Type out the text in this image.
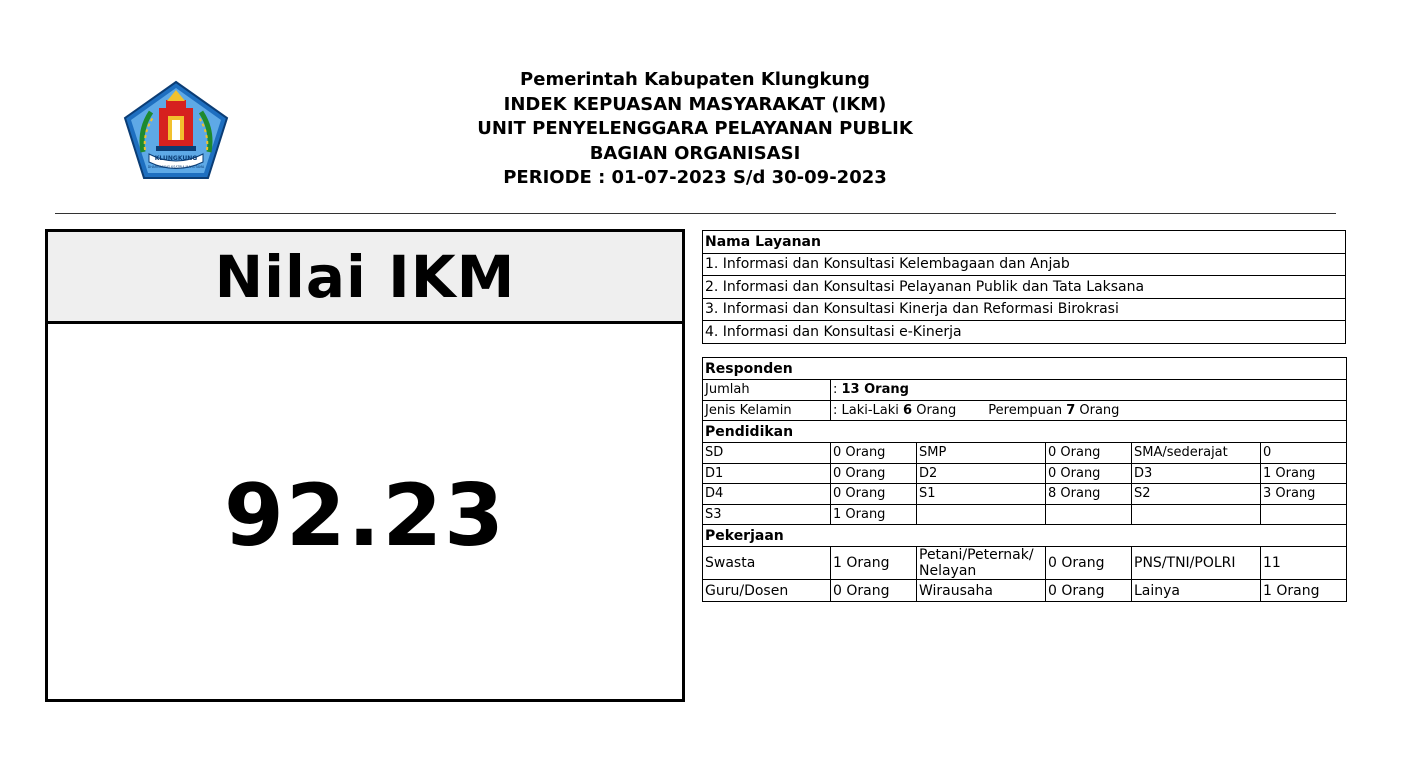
KLUNGKUNG
DHARMANING KSATRIA MAHOTAMA
Pemerintah Kabupaten Klungkung
INDEK KEPUASAN MASYARAKAT (IKM)
UNIT PENYELENGGARA PELAYANAN PUBLIK
BAGIAN ORGANISASI
PERIODE : 01-07-2023 S/d 30-09-2023
Nilai IKM
92.23
Nama Layanan
1. Informasi dan Konsultasi Kelembagaan dan Anjab
2. Informasi dan Konsultasi Pelayanan Publik dan Tata Laksana
3. Informasi dan Konsultasi Kinerja dan Reformasi Birokrasi
4. Informasi dan Konsultasi e-Kinerja
Responden					
Jumlah	: 13 Orang				
Jenis Kelamin	: Laki-Laki 6 Orang Perempuan 7 Orang				
Pendidikan					
SD	0 Orang	SMP	0 Orang	SMA/sederajat	0
D1	0 Orang	D2	0 Orang	D3	1 Orang
D4	0 Orang	S1	8 Orang	S2	3 Orang
S3	1 Orang				
Pekerjaan					
Swasta	1 Orang	Petani/Peternak/ Nelayan	0 Orang	PNS/TNI/POLRI	11
Guru/Dosen	0 Orang	Wirausaha	0 Orang	Lainya	1 Orang
